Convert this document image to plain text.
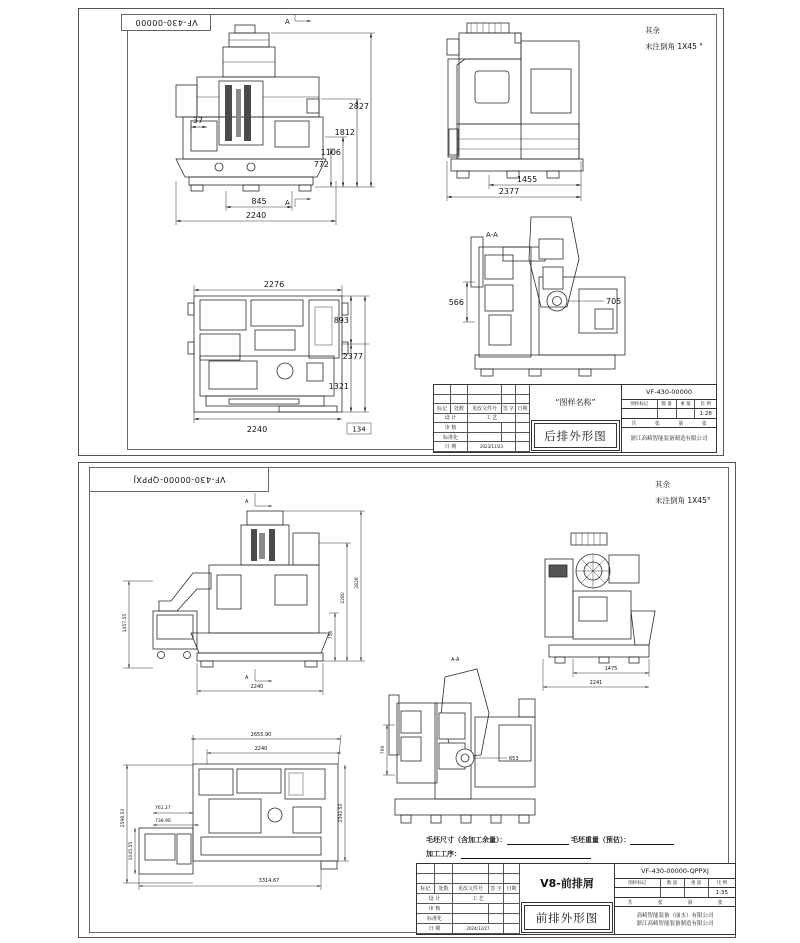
VF-430-00000
其余
未注倒角 1X45 °
A
A
772
1106
1812
2827
37
845
2240
1455
2377
2276
893
2377
1321
2240	134
A-A
566	705
标记	处数	更改文件号	签 字 日期
设 计	工 艺
审 核
标准化
日 期	2023/11/23
“图样名称”
后排外形图
VF-430-00000
图样标记	数 量	重 量	比 例
1:28
共	张	第	张
浙江高崎智能装备制造有限公司
VF-430-00000-QPPXJ
其余
未注倒角 1X45°
A
A
756
2280
2828
1457.55
2240
1475
2241
A-A
709
653
2655.90
2240
2598.53
761.27
738.90
1045.55
3314.67
2592.53
毛坯尺寸（含加工余量）：	毛坯重量（预估）：
加工工序：
标记	处数	更改文件号	签 字 日期
设 计	工 艺
审 核
标准化
日 期	2024/12/27
V8-前排屑
前排外形图
VF-430-00000-QPPXJ
图样标记	数 量	重 量	比 例
1:35
共	张	第	张
高崎智能装备（丽水）有限公司
浙江高崎智能装备制造有限公司
